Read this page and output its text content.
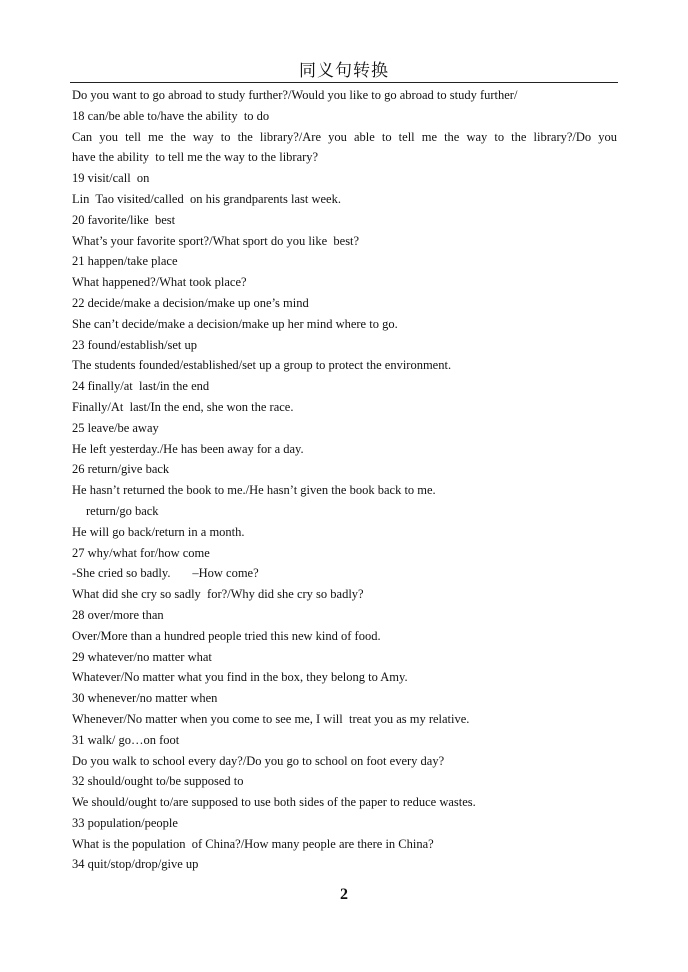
同义句转换
Do you want to go abroad to study further?/Would you like to go abroad to study further/
18 can/be able to/have the ability  to do
Can you tell me the way to the library?/Are you able to tell me the way to the library?/Do you
have the ability  to tell me the way to the library?
19 visit/call  on
Lin  Tao visited/called  on his grandparents last week.
20 favorite/like  best
What’s your favorite sport?/What sport do you like  best?
21 happen/take place
What happened?/What took place?
22 decide/make a decision/make up one’s mind
She can’t decide/make a decision/make up her mind where to go.
23 found/establish/set up
The students founded/established/set up a group to protect the environment.
24 finally/at  last/in the end
Finally/At  last/In the end, she won the race.
25 leave/be away
He left yesterday./He has been away for a day.
26 return/give back
He hasn’t returned the book to me./He hasn’t given the book back to me.
return/go back
He will go back/return in a month.
27 why/what for/how come
-She cried so badly.       –How come?
What did she cry so sadly  for?/Why did she cry so badly?
28 over/more than
Over/More than a hundred people tried this new kind of food.
29 whatever/no matter what
Whatever/No matter what you find in the box, they belong to Amy.
30 whenever/no matter when
Whenever/No matter when you come to see me, I will  treat you as my relative.
31 walk/ go…on foot
Do you walk to school every day?/Do you go to school on foot every day?
32 should/ought to/be supposed to
We should/ought to/are supposed to use both sides of the paper to reduce wastes.
33 population/people
What is the population  of China?/How many people are there in China?
34 quit/stop/drop/give up
2
